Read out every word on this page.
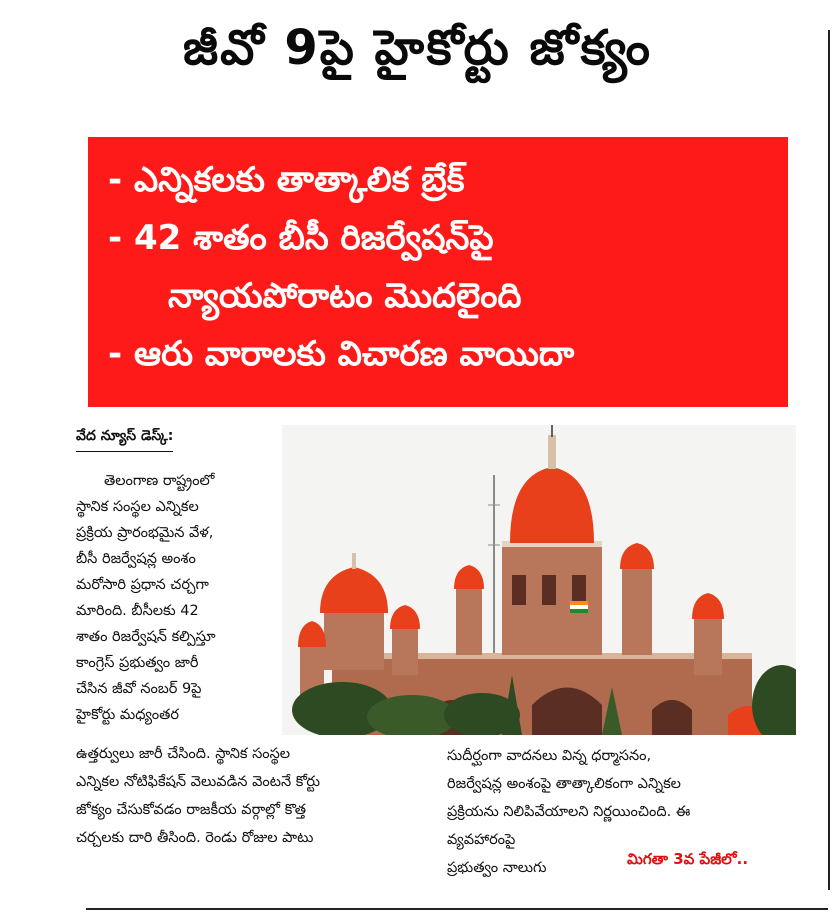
జీవో 9పై హైకోర్టు జోక్యం
- ఎన్నికలకు తాత్కాలిక బ్రేక్
- 42 శాతం బీసీ రిజర్వేషన్‌పై
న్యాయపోరాటం మొదలైంది
- ఆరు వారాలకు విచారణ వాయిదా
వేద న్యూస్ డెస్క్:
తెలంగాణ రాష్ట్రంలో
స్థానిక సంస్థల ఎన్నికల
ప్రక్రియ ప్రారంభమైన వేళ,
బీసీ రిజర్వేషన్ల అంశం
మరోసారి ప్రధాన చర్చగా
మారింది. బీసీలకు 42
శాతం రిజర్వేషన్ కల్పిస్తూ
కాంగ్రెస్ ప్రభుత్వం జారీ
చేసిన జీవో నంబర్ 9పై
హైకోర్టు మధ్యంతర
ఉత్తర్వులు జారీ చేసింది. స్థానిక సంస్థల
ఎన్నికల నోటిఫికేషన్ వెలువడిన వెంటనే కోర్టు
జోక్యం చేసుకోవడం రాజకీయ వర్గాల్లో కొత్త
చర్చలకు దారి తీసింది. రెండు రోజుల పాటు
సుదీర్ఘంగా వాదనలు విన్న ధర్మాసనం,
రిజర్వేషన్ల అంశంపై తాత్కాలికంగా ఎన్నికల
ప్రక్రియను నిలిపివేయాలని నిర్ణయించింది. ఈ
వ్యవహారంపై
ప్రభుత్వం నాలుగు	మిగతా 3వ పేజీలో..
